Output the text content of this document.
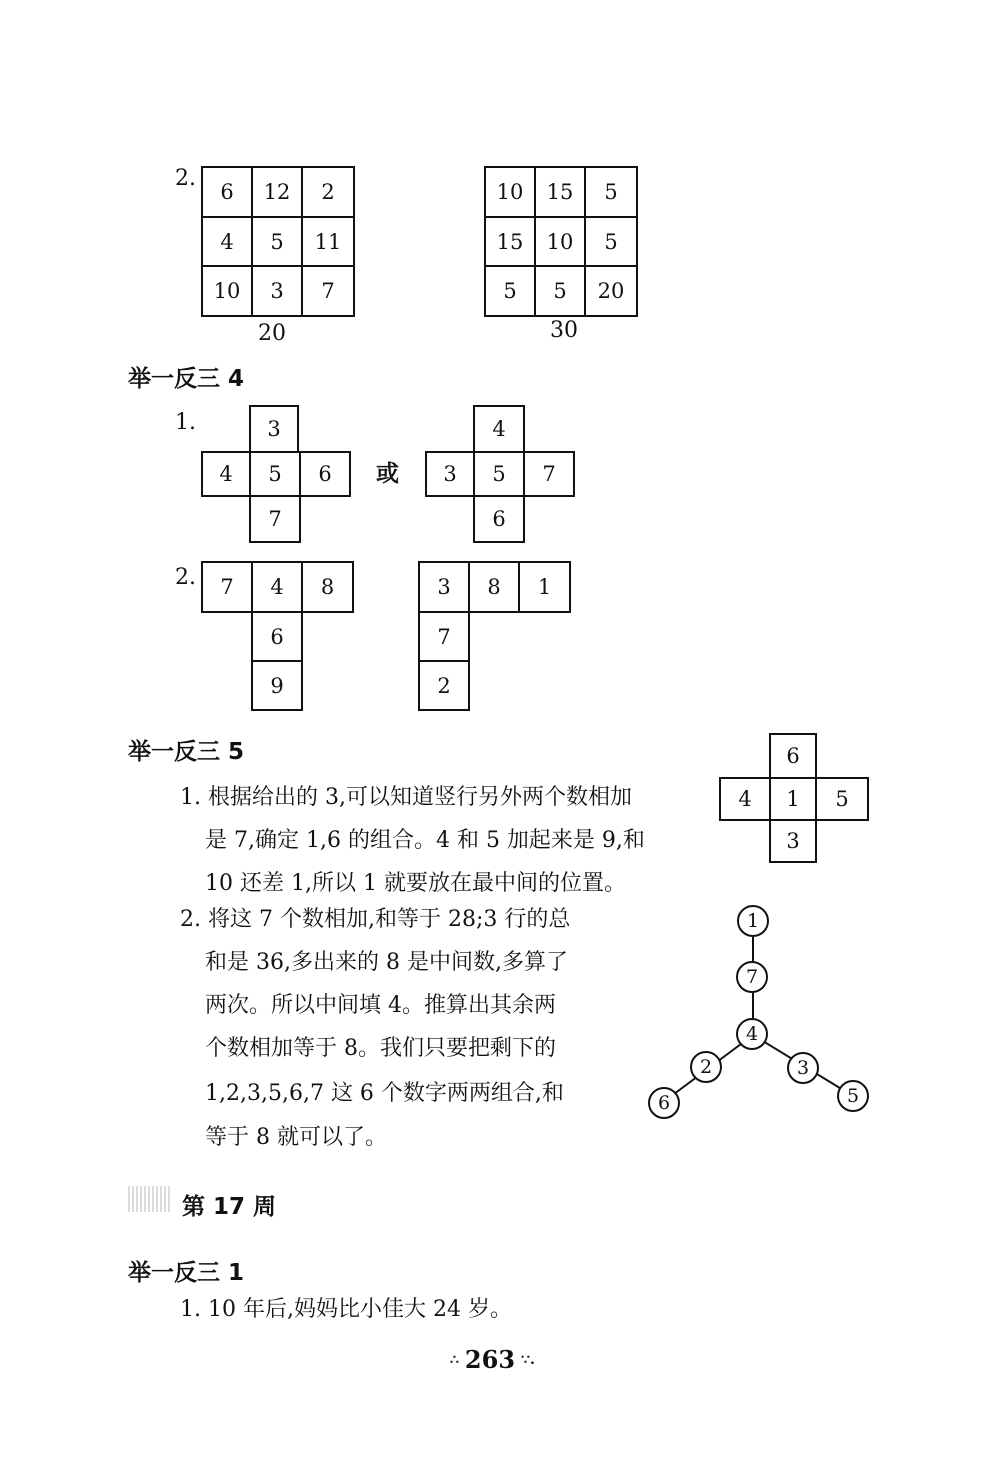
2.
6	12	2
4	5	11
10	3	7
20
10	15	5
15	10	5
5	5	20
30
举一反三 4
1.	3
4	5	6
7
或
4
3	5	7
6
2.	7	4	8
6
9
3	8	1
7
2
举一反三 5
1. 根据给出的 3,可以知道竖行另外两个数相加
是 7,确定 1,6 的组合。4 和 5 加起来是 9,和
10 还差 1,所以 1 就要放在最中间的位置。
6
4	1	5
3
2. 将这 7 个数相加,和等于 28;3 行的总
和是 36,多出来的 8 是中间数,多算了
两次。所以中间填 4。推算出其余两
个数相加等于 8。我们只要把剩下的
1,2,3,5,6,7 这 6 个数字两两组合,和
等于 8 就可以了。
1
7
4
2
6
3
5
第 17 周
举一反三 1
1. 10 年后,妈妈比小佳大 24 岁。
∴ 263 ∵.
